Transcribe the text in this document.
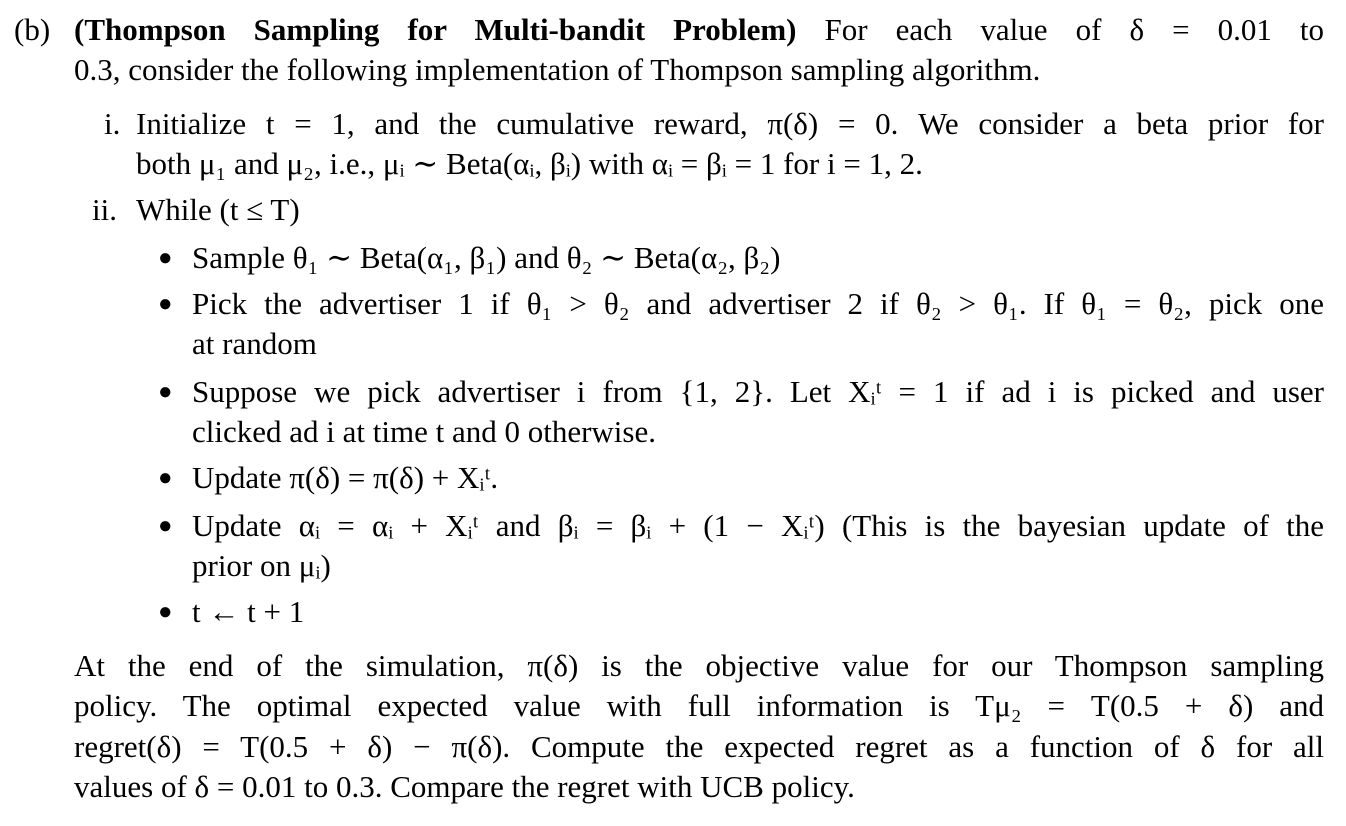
(b) (Thompson Sampling for Multi-bandit Problem) For each value of δ = 0.01 to
0.3, consider the following implementation of Thompson sampling algorithm.
i. Initialize t = 1, and the cumulative reward, π(δ) = 0. We consider a beta prior for
both μ₁ and μ₂, i.e., μᵢ ∼ Beta(αᵢ, βᵢ) with αᵢ = βᵢ = 1 for i = 1, 2.
ii. While (t ≤ T)
● Sample θ₁ ∼ Beta(α₁, β₁) and θ₂ ∼ Beta(α₂, β₂)
● Pick the advertiser 1 if θ₁ > θ₂ and advertiser 2 if θ₂ > θ₁. If θ₁ = θ₂, pick one
at random
● Suppose we pick advertiser i from {1, 2}. Let Xᵢᵗ = 1 if ad i is picked and user
clicked ad i at time t and 0 otherwise.
● Update π(δ) = π(δ) + Xᵢᵗ.
● Update αᵢ = αᵢ + Xᵢᵗ and βᵢ = βᵢ + (1 − Xᵢᵗ) (This is the bayesian update of the
prior on μᵢ)
● t ← t + 1
At the end of the simulation, π(δ) is the objective value for our Thompson sampling
policy. The optimal expected value with full information is Tμ₂ = T(0.5 + δ) and
regret(δ) = T(0.5 + δ) − π(δ). Compute the expected regret as a function of δ for all
values of δ = 0.01 to 0.3. Compare the regret with UCB policy.
